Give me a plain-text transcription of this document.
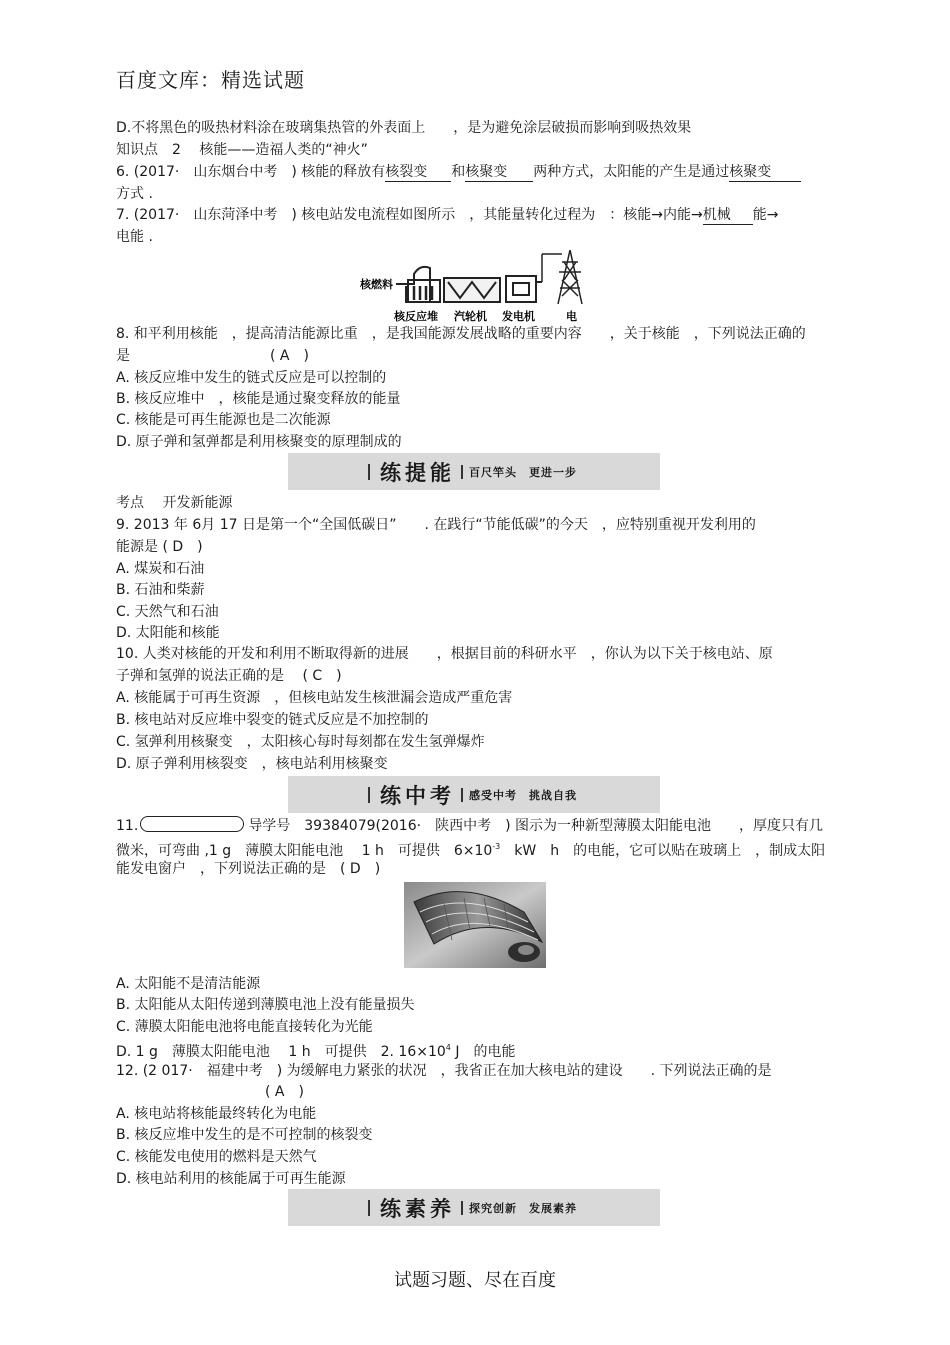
百度文库：精选试题
D.不将黑色的吸热材料涂在玻璃集热管的外表面上　　，是为避免涂层破损而影响到吸热效果
知识点　2　 核能——造福人类的“神火”
6. (2017·　山东烟台中考　) 核能的释放有核裂变 和核聚变 两种方式，太阳能的产生是通过核聚变
方式 .
7. (2017·　山东菏泽中考　) 核电站发电流程如图所示　，其能量转化过程为　：核能→内能→机械 能→
电能 .
核燃料
核反应堆 汽轮机 发电机	电
8. 和平利用核能　，提高清洁能源比重　，是我国能源发展战略的重要内容　　，关于核能　，下列说法正确的
是　　　　　　　　　　( A　)
A. 核反应堆中发生的链式反应是可以控制的
B. 核反应堆中　，核能是通过聚变释放的能量
C. 核能是可再生能源也是二次能源
D. 原子弹和氢弹都是利用核聚变的原理制成的
练提能 百尺竿头　更进一步
考点　 开发新能源
9. 2013 年 6月 17 日是第一个“全国低碳日”　　. 在践行“节能低碳”的今天　，应特别重视开发利用的
能源是 ( D　)
A. 煤炭和石油
B. 石油和柴薪
C. 天然气和石油
D. 太阳能和核能
10. 人类对核能的开发和利用不断取得新的进展　　，根据目前的科研水平　，你认为以下关于核电站、原
子弹和氢弹的说法正确的是　 ( C　)
A. 核能属于可再生资源　，但核电站发生核泄漏会造成严重危害
B. 核电站对反应堆中裂变的链式反应是不加控制的
C. 氢弹利用核聚变　，太阳核心每时每刻都在发生氢弹爆炸
D. 原子弹利用核裂变　，核电站利用核聚变
练中考 感受中考　挑战自我
11.	导学号　39384079(2016·　陕西中考　) 图示为一种新型薄膜太阳能电池　　，厚度只有几
微米，可弯曲 ,1 g　薄膜太阳能电池　 1 h　可提供　$6\times 10^{-3}$　kW　h　的电能，它可以贴在玻璃上　，制成太阳
能发电窗户　，下列说法正确的是　( D　)
A. 太阳能不是清洁能源
B. 太阳能从太阳传递到薄膜电池上没有能量损失
C. 薄膜太阳能电池将电能直接转化为光能
D. 1 g　薄膜太阳能电池　 1 h　可提供　2. $16\times 10^4$ J　的电能
12. (2 017·　福建中考　) 为缓解电力紧张的状况　，我省正在加大核电站的建设　　. 下列说法正确的是
( A　)
A. 核电站将核能最终转化为电能
B. 核反应堆中发生的是不可控制的核裂变
C. 核能发电使用的燃料是天然气
D. 核电站利用的核能属于可再生能源
练素养 探究创新　发展素养
试题习题、尽在百度
